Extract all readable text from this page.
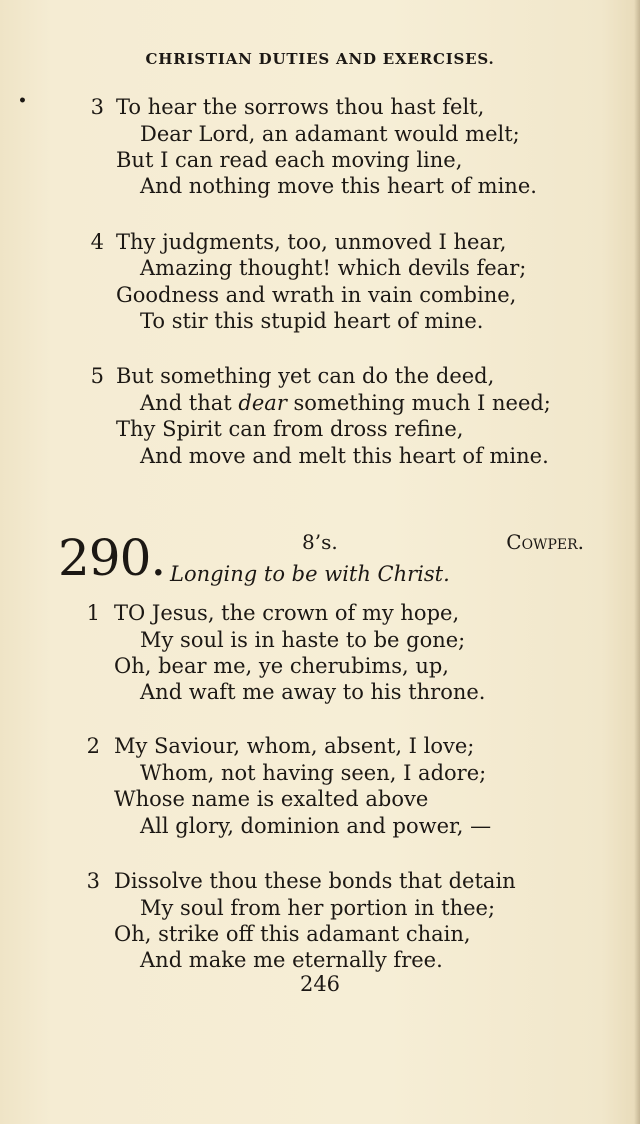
CHRISTIAN DUTIES AND EXERCISES.
•	3 To hear the sorrows thou hast felt,
Dear Lord, an adamant would melt;
But I can read each moving line,
And nothing move this heart of mine.
4 Thy judgments, too, unmoved I hear,
Amazing thought! which devils fear;
Goodness and wrath in vain combine,
To stir this stupid heart of mine.
5 But something yet can do the deed,
And that dear something much I need;
Thy Spirit can from dross refine,
And move and melt this heart of mine.
290.	8’s.	Cowper.
Longing to be with Christ.
1 TO Jesus, the crown of my hope,
My soul is in haste to be gone;
Oh, bear me, ye cherubims, up,
And waft me away to his throne.
2 My Saviour, whom, absent, I love;
Whom, not having seen, I adore;
Whose name is exalted above
All glory, dominion and power, —
3 Dissolve thou these bonds that detain
My soul from her portion in thee;
Oh, strike off this adamant chain,
And make me eternally free.
246
